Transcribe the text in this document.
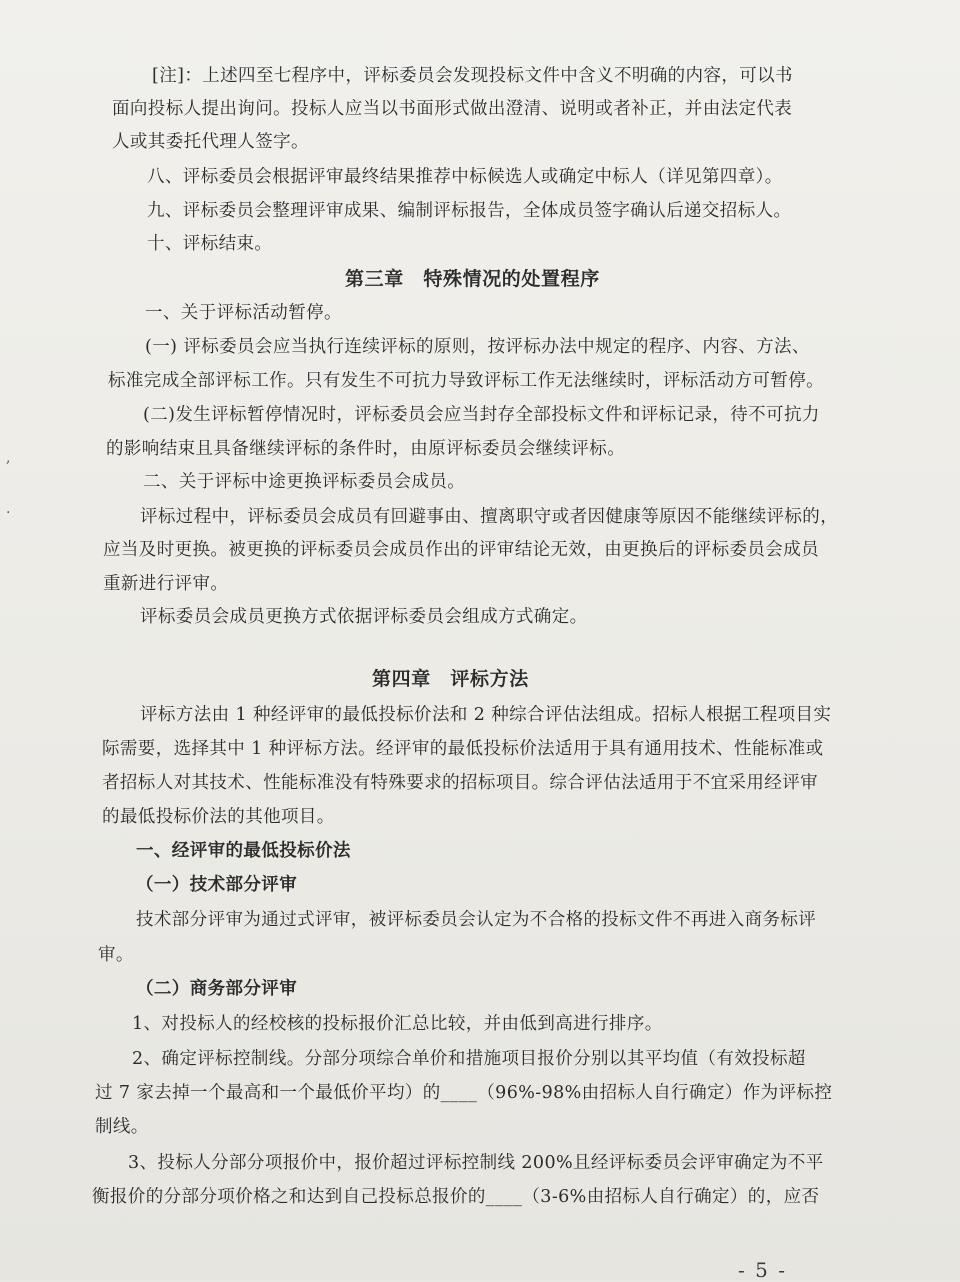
[注]：上述四至七程序中，评标委员会发现投标文件中含义不明确的内容，可以书
面向投标人提出询问。投标人应当以书面形式做出澄清、说明或者补正，并由法定代表
人或其委托代理人签字。
八、评标委员会根据评审最终结果推荐中标候选人或确定中标人（详见第四章）。
九、评标委员会整理评审成果、编制评标报告，全体成员签字确认后递交招标人。
十、评标结束。
第三章　特殊情况的处置程序
一、关于评标活动暂停。
(一) 评标委员会应当执行连续评标的原则，按评标办法中规定的程序、内容、方法、
标准完成全部评标工作。只有发生不可抗力导致评标工作无法继续时，评标活动方可暂停。
(二)发生评标暂停情况时，评标委员会应当封存全部投标文件和评标记录，待不可抗力
的影响结束且具备继续评标的条件时，由原评标委员会继续评标。
二、关于评标中途更换评标委员会成员。
评标过程中，评标委员会成员有回避事由、擅离职守或者因健康等原因不能继续评标的，
应当及时更换。被更换的评标委员会成员作出的评审结论无效，由更换后的评标委员会成员
重新进行评审。
评标委员会成员更换方式依据评标委员会组成方式确定。
第四章　评标方法
评标方法由 1 种经评审的最低投标价法和 2 种综合评估法组成。招标人根据工程项目实
际需要，选择其中 1 种评标方法。经评审的最低投标价法适用于具有通用技术、性能标准或
者招标人对其技术、性能标准没有特殊要求的招标项目。综合评估法适用于不宜采用经评审
的最低投标价法的其他项目。
一、经评审的最低投标价法
（一）技术部分评审
技术部分评审为通过式评审，被评标委员会认定为不合格的投标文件不再进入商务标评
审。
（二）商务部分评审
1、对投标人的经校核的投标报价汇总比较，并由低到高进行排序。
2、确定评标控制线。分部分项综合单价和措施项目报价分别以其平均值（有效投标超
过 7 家去掉一个最高和一个最低价平均）的____（96%-98%由招标人自行确定）作为评标控
制线。
3、投标人分部分项报价中，报价超过评标控制线 200%且经评标委员会评审确定为不平
衡报价的分部分项价格之和达到自己投标总报价的____（3-6%由招标人自行确定）的，应否
,
·
- 5 -
